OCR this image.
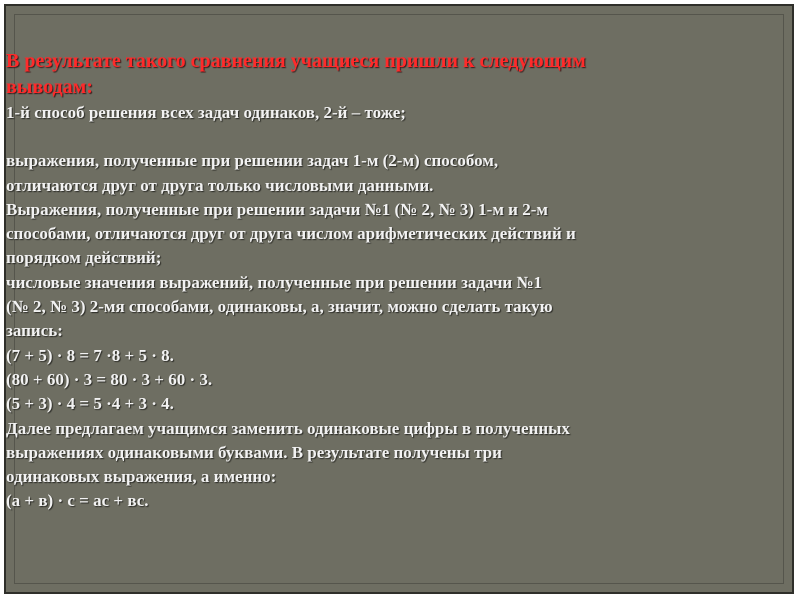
В результате такого сравнения учащиеся пришли к следующим
выводам:
1-й способ решения всех задач одинаков, 2-й – тоже;
выражения, полученные при решении задач 1-м (2-м) способом,
отличаются друг от друга только числовыми данными.
Выражения, полученные при решении задачи №1 (№ 2, № 3) 1-м и 2-м
способами, отличаются друг от друга числом арифметических действий и
порядком действий;
числовые значения выражений, полученные при решении задачи №1
(№ 2, № 3) 2-мя способами, одинаковы, а, значит, можно сделать такую
запись:
(7 + 5) · 8 = 7 ·8 + 5 · 8.
(80 + 60) · 3 = 80 · 3 + 60 · 3.
(5 + 3) · 4 = 5 ·4 + 3 · 4.
Далее предлагаем учащимся заменить одинаковые цифры в полученных
выражениях одинаковыми буквами. В результате получены три
одинаковых выражения, а именно:
(а + в) · с = ас + вс.
